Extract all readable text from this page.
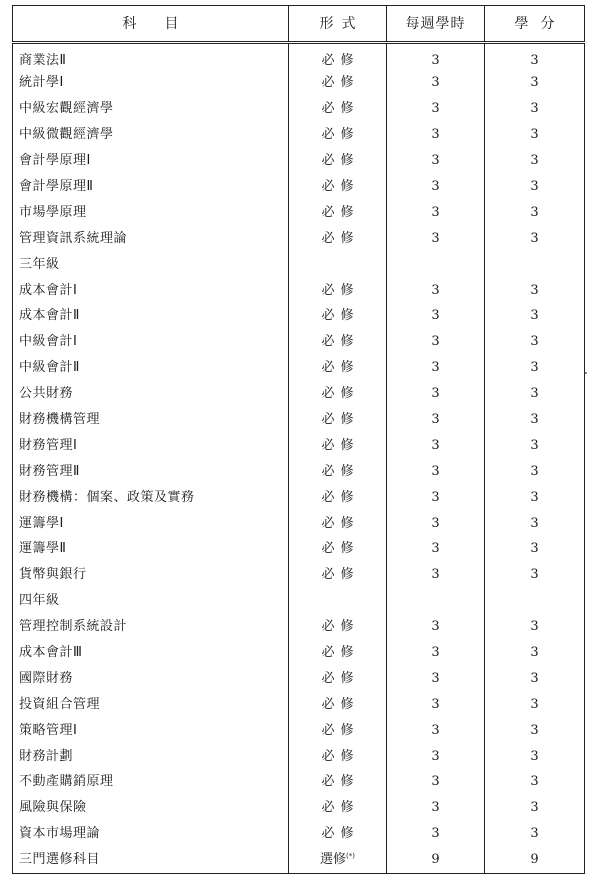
科目	形式	每週學時	學分
商業法Ⅱ	必修	3	3
統計學Ⅰ	必修	3	3
中級宏觀經濟學	必修	3	3
中級微觀經濟學	必修	3	3
會計學原理Ⅰ	必修	3	3
會計學原理Ⅱ	必修	3	3
市場學原理	必修	3	3
管理資訊系統理論	必修	3	3
三年級			
成本會計Ⅰ	必修	3	3
成本會計Ⅱ	必修	3	3
中級會計Ⅰ	必修	3	3
中級會計Ⅱ	必修	3	3
公共財務	必修	3	3
財務機構管理	必修	3	3
財務管理Ⅰ	必修	3	3
財務管理Ⅱ	必修	3	3
財務機構：個案、政策及實務	必修	3	3
運籌學Ⅰ	必修	3	3
運籌學Ⅱ	必修	3	3
貨幣與銀行	必修	3	3
四年級			
管理控制系統設計	必修	3	3
成本會計Ⅲ	必修	3	3
國際財務	必修	3	3
投資組合管理	必修	3	3
策略管理Ⅰ	必修	3	3
財務計劃	必修	3	3
不動產購銷原理	必修	3	3
風險與保險	必修	3	3
資本市場理論	必修	3	3
三門選修科目	選修(*)	9	9
